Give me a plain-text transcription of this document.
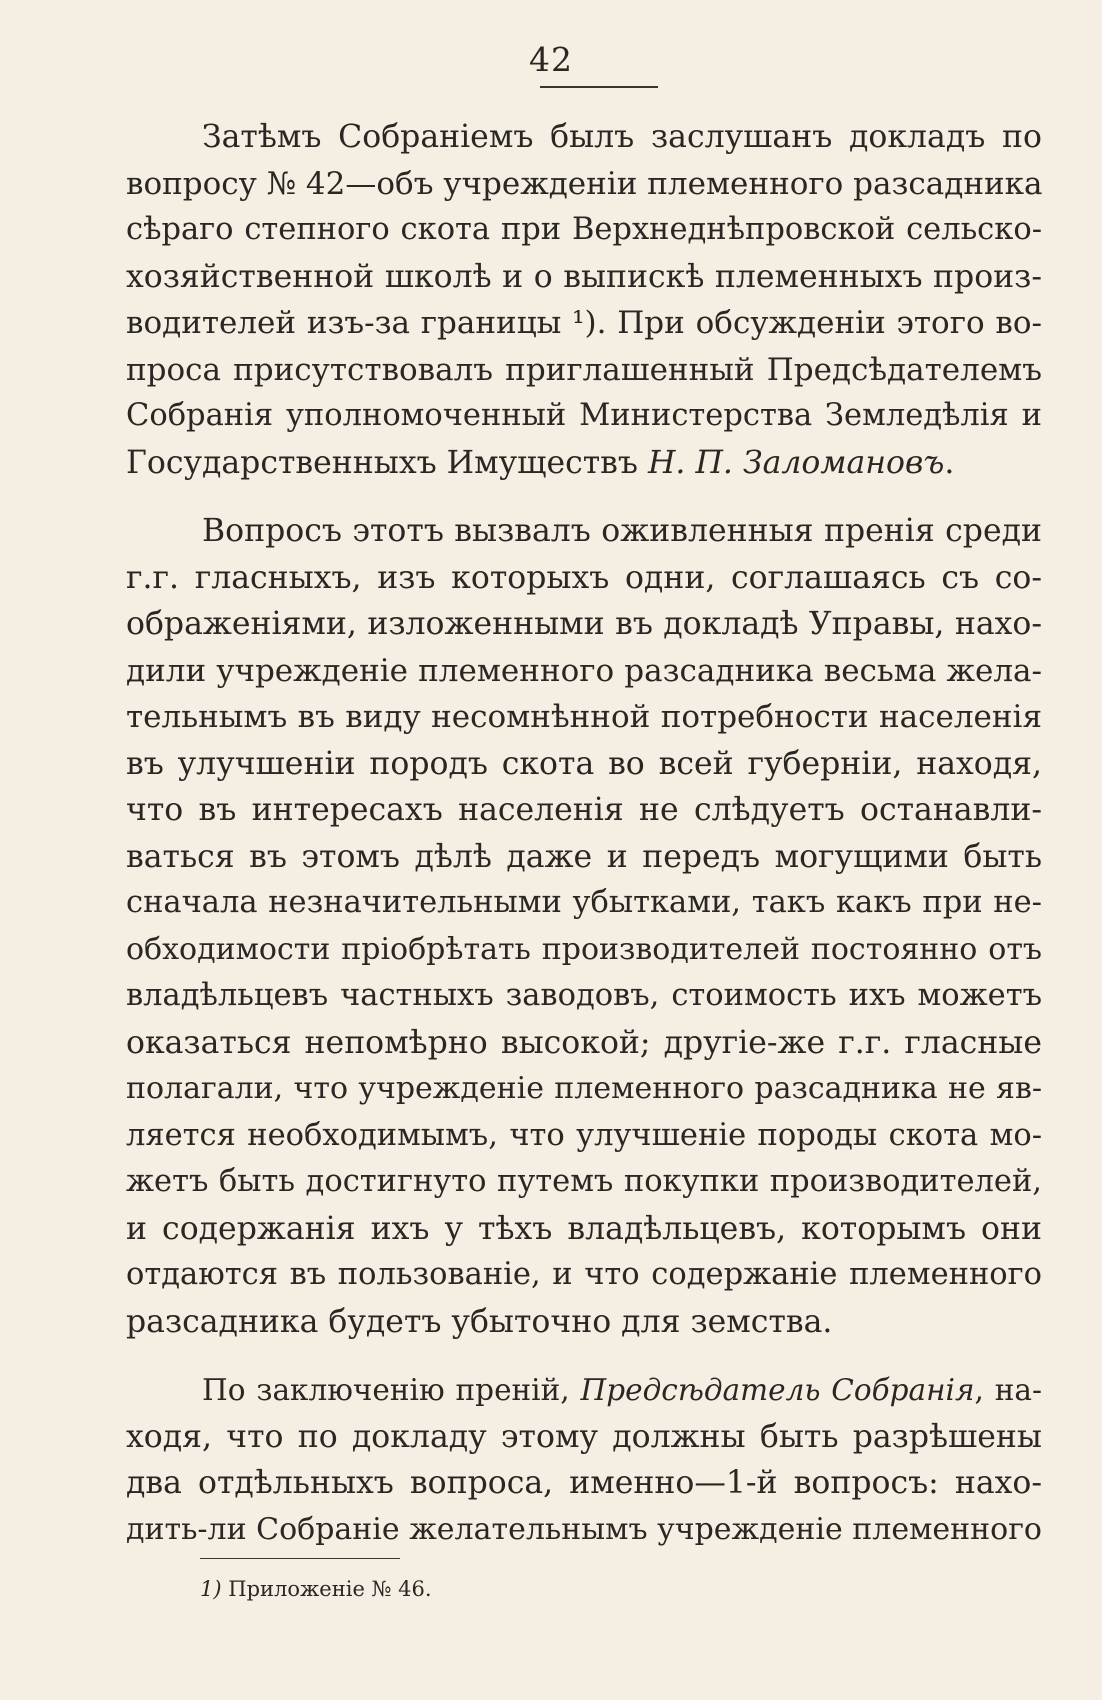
42
Затѣмъ Собраніемъ былъ заслушанъ докладъ по
вопросу № 42—объ учрежденіи племенного разсадника
сѣраго степного скота при Верхнеднѣпровской сельско-
хозяйственной школѣ и о выпискѣ племенныхъ произ-
водителей изъ-за границы ¹). При обсужденіи этого во-
проса присутствовалъ приглашенный Предсѣдателемъ
Собранія уполномоченный Министерства Земледѣлія и
Государственныхъ Имуществъ Н. П. Заломановъ.
Вопросъ этотъ вызвалъ оживленныя пренія среди
г.г. гласныхъ, изъ которыхъ одни, соглашаясь съ со-
ображеніями, изложенными въ докладѣ Управы, нахо-
дили учрежденіе племенного разсадника весьма жела-
тельнымъ въ виду несомнѣнной потребности населенія
въ улучшеніи породъ скота во всей губерніи, находя,
что въ интересахъ населенія не слѣдуетъ останавли-
ваться въ этомъ дѣлѣ даже и передъ могущими быть
сначала незначительными убытками, такъ какъ при не-
обходимости пріобрѣтать производителей постоянно отъ
владѣльцевъ частныхъ заводовъ, стоимость ихъ можетъ
оказаться непомѣрно высокой; другіе-же г.г. гласные
полагали, что учрежденіе племенного разсадника не яв-
ляется необходимымъ, что улучшеніе породы скота мо-
жетъ быть достигнуто путемъ покупки производителей,
и содержанія ихъ у тѣхъ владѣльцевъ, которымъ они
отдаются въ пользованіе, и что содержаніе племенного
разсадника будетъ убыточно для земства.
По заключенію преній, Предсѣдатель Собранія, на-
ходя, что по докладу этому должны быть разрѣшены
два отдѣльныхъ вопроса, именно—1-й вопросъ: нахо-
дить-ли Собраніе желательнымъ учрежденіе племенного
1) Приложеніе № 46.
